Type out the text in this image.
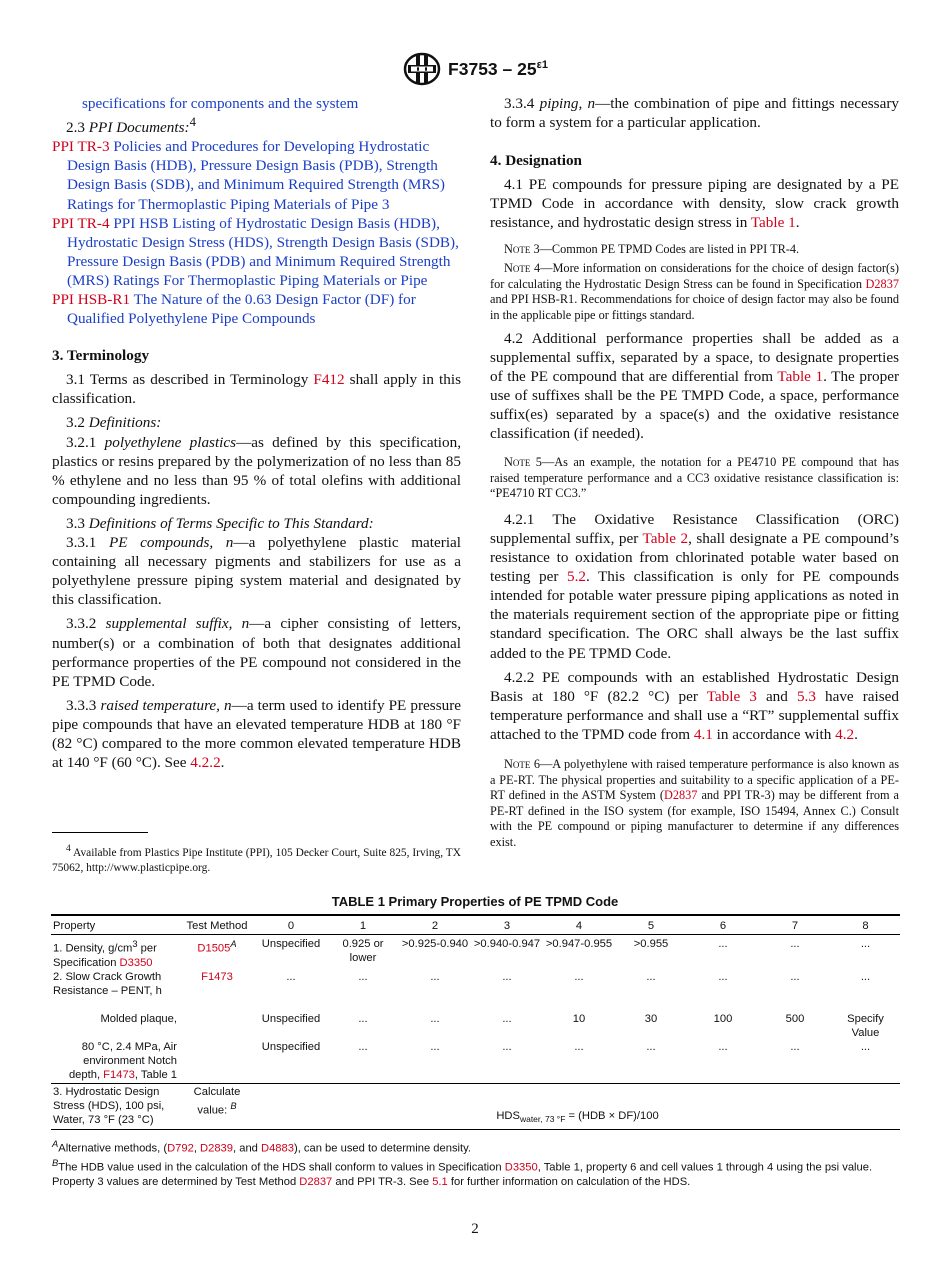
$F3753 - 25^{\varepsilon 1}$

specifications for components and the system

2.3 PPI Documents:$^4$

PPI TR-3 Policies and Procedures for Developing Hydrostatic Design Basis (HDB), Pressure Design Basis (PDB), Strength Design Basis (SDB), and Minimum Required Strength (MRS) Ratings for Thermoplastic Piping Materials of Pipe 3

PPI TR-4 PPI HSB Listing of Hydrostatic Design Basis (HDB), Hydrostatic Design Stress (HDS), Strength Design Basis (SDB), Pressure Design Basis (PDB) and Minimum Required Strength (MRS) Ratings For Thermoplastic Piping Materials or Pipe

PPI HSB-R1 The Nature of the 0.63 Design Factor (DF) for Qualified Polyethylene Pipe Compounds

3. Terminology

3.1 Terms as described in Terminology F412 shall apply in this classification.

3.2 Definitions:

3.2.1 polyethylene plastics—as defined by this specification, plastics or resins prepared by the polymerization of no less than 85 % ethylene and no less than 95 % of total olefins with additional compounding ingredients.

3.3 Definitions of Terms Specific to This Standard:

3.3.1 PE compounds, n—a polyethylene plastic material containing all necessary pigments and stabilizers for use as a polyethylene pressure piping system material and designated by this classification.

3.3.2 supplemental suffix, n—a cipher consisting of letters, number(s) or a combination of both that designates additional performance properties of the PE compound not considered in the PE TPMD Code.

3.3.3 raised temperature, n—a term used to identify PE pressure pipe compounds that have an elevated temperature HDB at 180 °F (82 °C) compared to the more common elevated temperature HDB at 140 °F (60 °C). See 4.2.2.

3.3.4 piping, n—the combination of pipe and fittings necessary to form a system for a particular application.

4. Designation

4.1 PE compounds for pressure piping are designated by a PE TPMD Code in accordance with density, slow crack growth resistance, and hydrostatic design stress in Table 1.

Note 3—Common PE TPMD Codes are listed in PPI TR-4.

Note 4—More information on considerations for the choice of design factor(s) for calculating the Hydrostatic Design Stress can be found in Specification D2837 and PPI HSB-R1. Recommendations for choice of design factor may also be found in the applicable pipe or fittings standard.

4.2 Additional performance properties shall be added as a supplemental suffix, separated by a space, to designate properties of the PE compound that are differential from Table 1. The proper use of suffixes shall be the PE TMPD Code, a space, performance suffix(es) separated by a space(s) and the oxidative resistance classification (if needed).

Note 5—As an example, the notation for a PE4710 PE compound that has raised temperature performance and a CC3 oxidative resistance classification is: “PE4710 RT CC3.”

4.2.1 The Oxidative Resistance Classification (ORC) supplemental suffix, per Table 2, shall designate a PE compound’s resistance to oxidation from chlorinated potable water based on testing per 5.2. This classification is only for PE compounds intended for potable water pressure piping applications as noted in the materials requirement section of the appropriate pipe or fitting standard specification. The ORC shall always be the last suffix added to the PE TPMD Code.

4.2.2 PE compounds with an established Hydrostatic Design Basis at 180 °F (82.2 °C) per Table 3 and 5.3 have raised temperature performance and shall use a “RT” supplemental suffix attached to the TPMD code from 4.1 in accordance with 4.2.

Note 6—A polyethylene with raised temperature performance is also known as a PE-RT. The physical properties and suitability to a specific application of a PE-RT defined in the ASTM System (D2837 and PPI TR-3) may be different from a PE-RT defined in the ISO system (for example, ISO 15494, Annex C.) Consult with the PE compound or piping manufacturer to determine if any differences exist.

$^4$ Available from Plastics Pipe Institute (PPI), 105 Decker Court, Suite 825, Irving, TX 75062, http://www.plasticpipe.org.
TABLE 1 Primary Properties of PE TPMD Code
Property	Test Method	0	1	2	3	4	5	6	7	8
1. Density, $g/cm^3$ per Specification D3350	$D1505^A$	Unspecified	0.925 or lower	>0.925-0.940	>0.940-0.947	>0.947-0.955	>0.955	...	...	...
2. Slow Crack Growth Resistance – PENT, h	F1473	...	...	...	...	...	...	...	...	...
Molded plaque,		Unspecified	...	...	...	10	30	100	500	Specify Value
80 °C, 2.4 MPa, Air environment Notch depth, F1473, Table 1		Unspecified	...	...	...	...	...	...	...	...
3. Hydrostatic Design Stress (HDS), 100 psi, Water, 73 °F (23 °C)	Calculate value: $^B$	$HDS_{water, 73 ^\circ F} = (HDB \times DF)/100$								

$^A$Alternative methods, (D792, D2839, and D4883), can be used to determine density.

$^B$The HDB value used in the calculation of the HDS shall conform to values in Specification D3350, Table 1, property 6 and cell values 1 through 4 using the psi value. Property 3 values are determined by Test Method D2837 and PPI TR-3. See 5.1 for further information on calculation of the HDS.

2
